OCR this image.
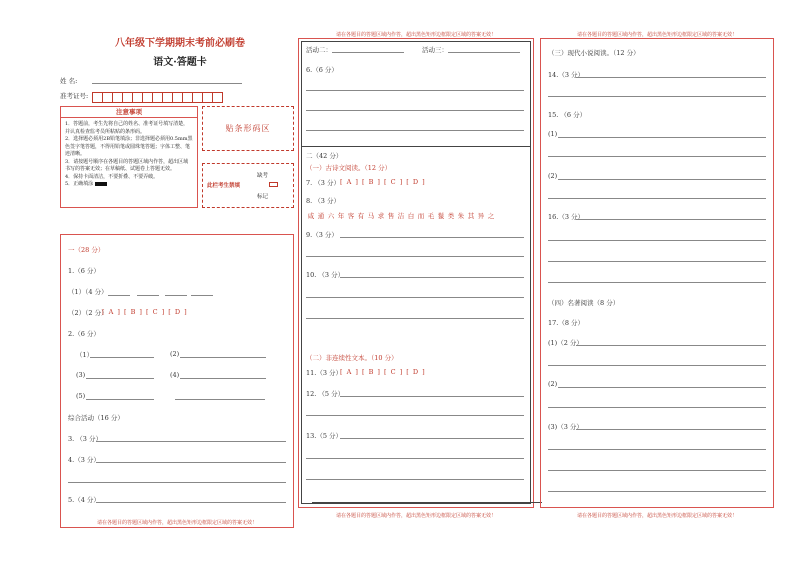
八年级下学期期末考前必刷卷
语文·答题卡
姓 名:
准考证号:
注意事项
1．答题前，考生先将自己的姓名、准考证号填写清楚，并认真检查监考员所粘贴的条形码。
2．选择题必须用2B铅笔填涂；非选择题必须用0.5mm黑色签字笔答题，不得用铅笔或圆珠笔答题；字体工整、笔迹清晰。
3．请按题号顺序在各题目的答题区域内作答，超出区域书写的答案无效；在草稿纸、试题卷上答题无效。
4．保持卡面清洁，不要折叠、不要弄破。
5．正确填涂
贴条形码区
此栏考生禁填
缺考
标记
一（28 分）
1.（6 分）
（1）（4 分）
（2）（2 分）
[ A ] [ B ] [ C ] [ D ]
2.（6 分）
（1）	(2)
(3)	(4)
(5)
综合活动（16 分）
3. （3 分）
4.（3 分）
5.（4 分）
请在各题目的答题区域内作答，超出黑色矩形边框限定区域的答案无效！
请在各题目的答题区域内作答，超出黑色矩形边框限定区域的答案无效！
活动二：	活动三：
6.（6 分）
二（42 分）
（一）古诗文阅读。（12 分）
7. （3 分） [ A ] [ B ] [ C ] [ D ]
8. （3 分）
咸 通 六 年 客 有 马 求 售 洁 白 而 毛 鬣 类 朱 其 异 之
9.（3 分）
10. （3 分）
（二）非连续性文本。（10 分）
11.（3 分）
[ A ] [ B ] [ C ] [ D ]
12. （5 分）
13.（5 分）
请在各题目的答题区域内作答，超出黑色矩形边框限定区域的答案无效！
请在各题目的答题区域内作答，超出黑色矩形边框限定区域的答案无效！
（三）现代小说阅读。（12 分）
14.（3 分）
15. （6 分）
(1)
(2)
16.（3 分）
（四）名著阅读（8 分）
17.（8 分）
(1)（2 分）
(2)
(3)（3 分）
请在各题目的答题区域内作答，超出黑色矩形边框限定区域的答案无效！
